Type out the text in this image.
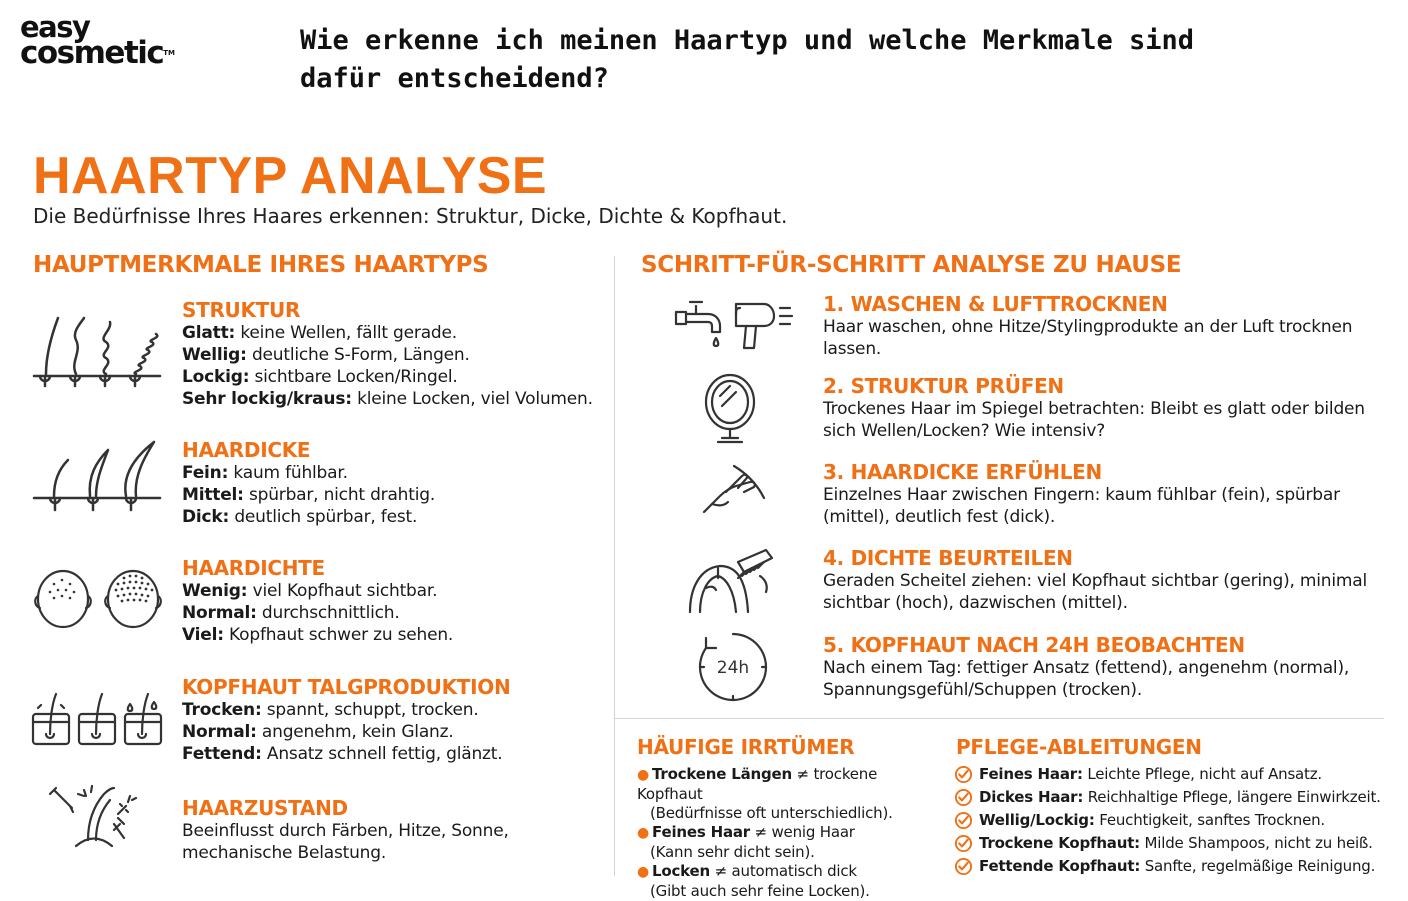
easy
cosmetic™	Wie erkenne ich meinen Haartyp und welche Merkmale sind dafür entscheidend?
HAARTYP ANALYSE
Die Bedürfnisse Ihres Haares erkennen: Struktur, Dicke, Dichte & Kopfhaut.
HAUPTMERKMALE IHRES HAARTYPS	SCHRITT-FÜR-SCHRITT ANALYSE ZU HAUSE
STRUKTUR
Glatt: keine Wellen, fällt gerade.
Wellig: deutliche S-Form, Längen.
Lockig: sichtbare Locken/Ringel.
Sehr lockig/kraus: kleine Locken, viel Volumen.
HAARDICKE
Fein: kaum fühlbar.
Mittel: spürbar, nicht drahtig.
Dick: deutlich spürbar, fest.
HAARDICHTE
Wenig: viel Kopfhaut sichtbar.
Normal: durchschnittlich.
Viel: Kopfhaut schwer zu sehen.
KOPFHAUT TALGPRODUKTION
Trocken: spannt, schuppt, trocken.
Normal: angenehm, kein Glanz.
Fettend: Ansatz schnell fettig, glänzt.
HAARZUSTAND
Beeinflusst durch Färben, Hitze, Sonne, mechanische Belastung.
1. WASCHEN & LUFTTROCKNEN
Haar waschen, ohne Hitze/Stylingprodukte an der Luft trocknen lassen.
2. STRUKTUR PRÜFEN
Trockenes Haar im Spiegel betrachten: Bleibt es glatt oder bilden sich Wellen/Locken? Wie intensiv?
3. HAARDICKE ERFÜHLEN
Einzelnes Haar zwischen Fingern: kaum fühlbar (fein), spürbar (mittel), deutlich fest (dick).
4. DICHTE BEURTEILEN
Geraden Scheitel ziehen: viel Kopfhaut sichtbar (gering), minimal sichtbar (hoch), dazwischen (mittel).
24h
5. KOPFHAUT NACH 24H BEOBACHTEN
Nach einem Tag: fettiger Ansatz (fettend), angenehm (normal), Spannungsgefühl/Schuppen (trocken).
HÄUFIGE IRRTÜMER
● Trockene Längen ≠ trockene Kopfhaut
(Bedürfnisse oft unterschiedlich).
● Feines Haar ≠ wenig Haar
(Kann sehr dicht sein).
● Locken ≠ automatisch dick
(Gibt auch sehr feine Locken).
PFLEGE-ABLEITUNGEN
Feines Haar: Leichte Pflege, nicht auf Ansatz.
Dickes Haar: Reichhaltige Pflege, längere Einwirkzeit.
Wellig/Lockig: Feuchtigkeit, sanftes Trocknen.
Trockene Kopfhaut: Milde Shampoos, nicht zu heiß.
Fettende Kopfhaut: Sanfte, regelmäßige Reinigung.
